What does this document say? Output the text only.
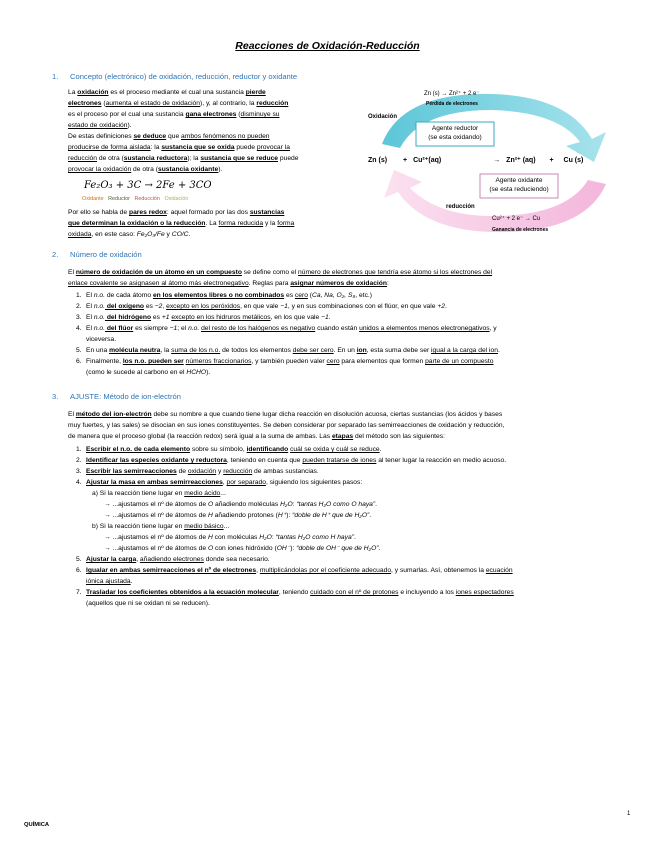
Reacciones de Oxidación-Reducción
1. Concepto (electrónico) de oxidación, reducción, reductor y oxidante
La oxidación es el proceso mediante el cual una sustancia pierde
electrones (aumenta el estado de oxidación), y, al contrario, la reducción
es el proceso por el cual una sustancia gana electrones (disminuye su
estado de oxidación).
De estas definiciones se deduce que ambos fenómenos no pueden
producirse de forma aislada: la sustancia que se oxida puede provocar la
reducción de otra (sustancia reductora); la sustancia que se reduce puede
provocar la oxidación de otra (sustancia oxidante).
Fe₂O₃ + 3C → 2Fe + 3CO
Oxidante Reductor Reducción Oxidación
Por ello se habla de pares redox: aquel formado por las dos sustancias
que determinan la oxidación o la reducción. La forma reducida y la forma
oxidada, en este caso: Fe₂O₃/Fe y CO/C.
Zn (s) → Zn²⁺ + 2 e⁻
Pérdida de electrones
Oxidación
Agente reductor
(se esta oxidando)
Zn (s) + Cu²⁺(aq)	→ Zn²⁺ (aq) + Cu (s)
Agente oxidante
(se esta reduciendo)
reducción
Cu²⁺ + 2 e⁻ → Cu
Ganancia de electrones
2. Número de oxidación
El número de oxidación de un átomo en un compuesto se define como el número de electrones que tendría ese átomo si los electrones del
enlace covalente se asignasen al átomo más electronegativo. Reglas para asignar números de oxidación:
1. El n.o. de cada átomo en los elementos libres o no combinados es cero (Ca, Na, O₂, S₈, etc.)
2. El n.o. del oxígeno es −2, excepto en los peróxidos, en que vale −1, y en sus combinaciones con el flúor, en que vale +2.
3. El n.o. del hidrógeno es +1 excepto en los hidruros metálicos, en los que vale −1.
4. El n.o. del flúor es siempre −1; el n.o. del resto de los halógenos es negativo cuando están unidos a elementos menos electronegativos, y
viceversa.
5. En una molécula neutra, la suma de los n.o. de todos los elementos debe ser cero. En un ion, esta suma debe ser igual a la carga del ion.
6. Finalmente, los n.o. pueden ser números fraccionarios, y también pueden valer cero para elementos que formen parte de un compuesto
(como le sucede al carbono en el HCHO).
3. AJUSTE: Método de ion-electrón
El método del ion-electrón debe su nombre a que cuando tiene lugar dicha reacción en disolución acuosa, ciertas sustancias (los ácidos y bases
muy fuertes, y las sales) se disocian en sus iones constituyentes. Se deben considerar por separado las semirreacciones de oxidación y reducción,
de manera que el proceso global (la reacción redox) será igual a la suma de ambas. Las etapas del método son las siguientes:
1. Escribir el n.o. de cada elemento sobre su símbolo, identificando cuál se oxida y cuál se reduce.
2. Identificar las especies oxidante y reductora, teniendo en cuenta que pueden tratarse de iones al tener lugar la reacción en medio acuoso.
3. Escribir las semirreacciones de oxidación y reducción de ambas sustancias.
4. Ajustar la masa en ambas semirreacciones, por separado, siguiendo los siguientes pasos:
a) Si la reacción tiene lugar en medio ácido...
→ ...ajustamos el nº de átomos de O añadiendo moléculas H₂O: “tantas H₂O como O haya”.
→ ...ajustamos el nº de átomos de H añadiendo protones (H⁺): “doble de H⁺ que de H₂O”.
b) Si la reacción tiene lugar en medio básico...
→ ...ajustamos el nº de átomos de H con moléculas H₂O: “tantas H₂O como H haya”.
→ ...ajustamos el nº de átomos de O con iones hidróxido (OH⁻): “doble de OH⁻ que de H₂O”.
5. Ajustar la carga, añadiendo electrones donde sea necesario.
6. Igualar en ambas semirreacciones el nº de electrones, multiplicándolas por el coeficiente adecuado, y sumarlas. Así, obtenemos la ecuación
iónica ajustada.
7. Trasladar los coeficientes obtenidos a la ecuación molecular, teniendo cuidado con el nº de protones e incluyendo a los iones espectadores
(aquellos que ni se oxidan ni se reducen).
QUÍMICA
1
